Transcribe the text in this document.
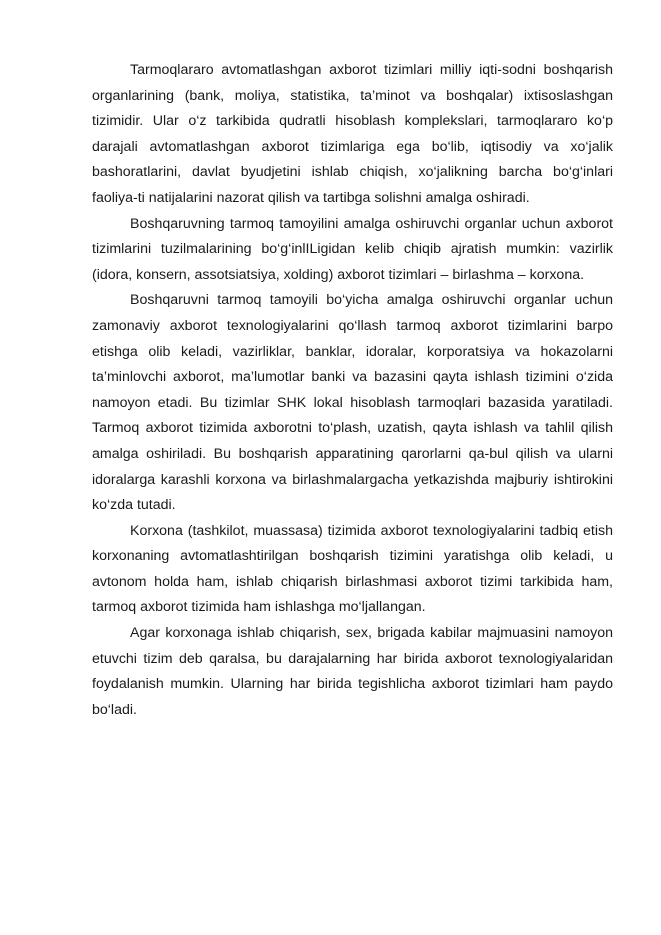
Tarmoqlararo avtomatlashgan axborot tizimlari milliy iqti-sodni boshqarish organlarining (bank, moliya, statistika, ta’minot va boshqalar) ixtisoslashgan tizimidir. Ular o‘z tarkibida qudratli hisoblash komplekslari, tarmoqlararo ko‘p darajali avtomatlashgan axborot tizimlariga ega bo‘lib, iqtisodiy va xo‘jalik bashoratlarini, davlat byudjetini ishlab chiqish, xo‘jalikning barcha bo‘g‘inlari faoliya-ti natijalarini nazorat qilish va tartibga solishni amalga oshiradi.

Boshqaruvning tarmoq tamoyilini amalga oshiruvchi organlar uchun axborot tizimlarini tuzilmalarining bo‘g‘inlILigidan kelib chiqib ajratish mumkin: vazirlik (idora, konsern, assotsiatsiya, xolding) axborot tizimlari – birlashma – korxona.

Boshqaruvni tarmoq tamoyili bo‘yicha amalga oshiruvchi organlar uchun zamonaviy axborot texnologiyalarini qo‘llash tarmoq axborot tizimlarini barpo etishga olib keladi, vazirliklar, banklar, idoralar, korporatsiya va hokazolarni ta’minlovchi axborot, ma’lumotlar banki va bazasini qayta ishlash tizimini o‘zida namoyon etadi. Bu tizimlar SHK lokal hisoblash tarmoqlari bazasida yaratiladi. Tarmoq axborot tizimida axborotni to‘plash, uzatish, qayta ishlash va tahlil qilish amalga oshiriladi. Bu boshqarish apparatining qarorlarni qa-bul qilish va ularni idoralarga karashli korxona va birlashmalargacha yetkazishda majburiy ishtirokini ko‘zda tutadi.

Korxona (tashkilot, muassasa) tizimida axborot texnologiyalarini tadbiq etish korxonaning avtomatlashtirilgan boshqarish tizimini yaratishga olib keladi, u avtonom holda ham, ishlab chiqarish birlashmasi axborot tizimi tarkibida ham, tarmoq axborot tizimida ham ishlashga mo‘ljallangan.

Agar korxonaga ishlab chiqarish, sex, brigada kabilar majmuasini namoyon etuvchi tizim deb qaralsa, bu darajalarning har birida axborot texnologiyalaridan foydalanish mumkin. Ularning har birida tegishlicha axborot tizimlari ham paydo bo‘ladi.
